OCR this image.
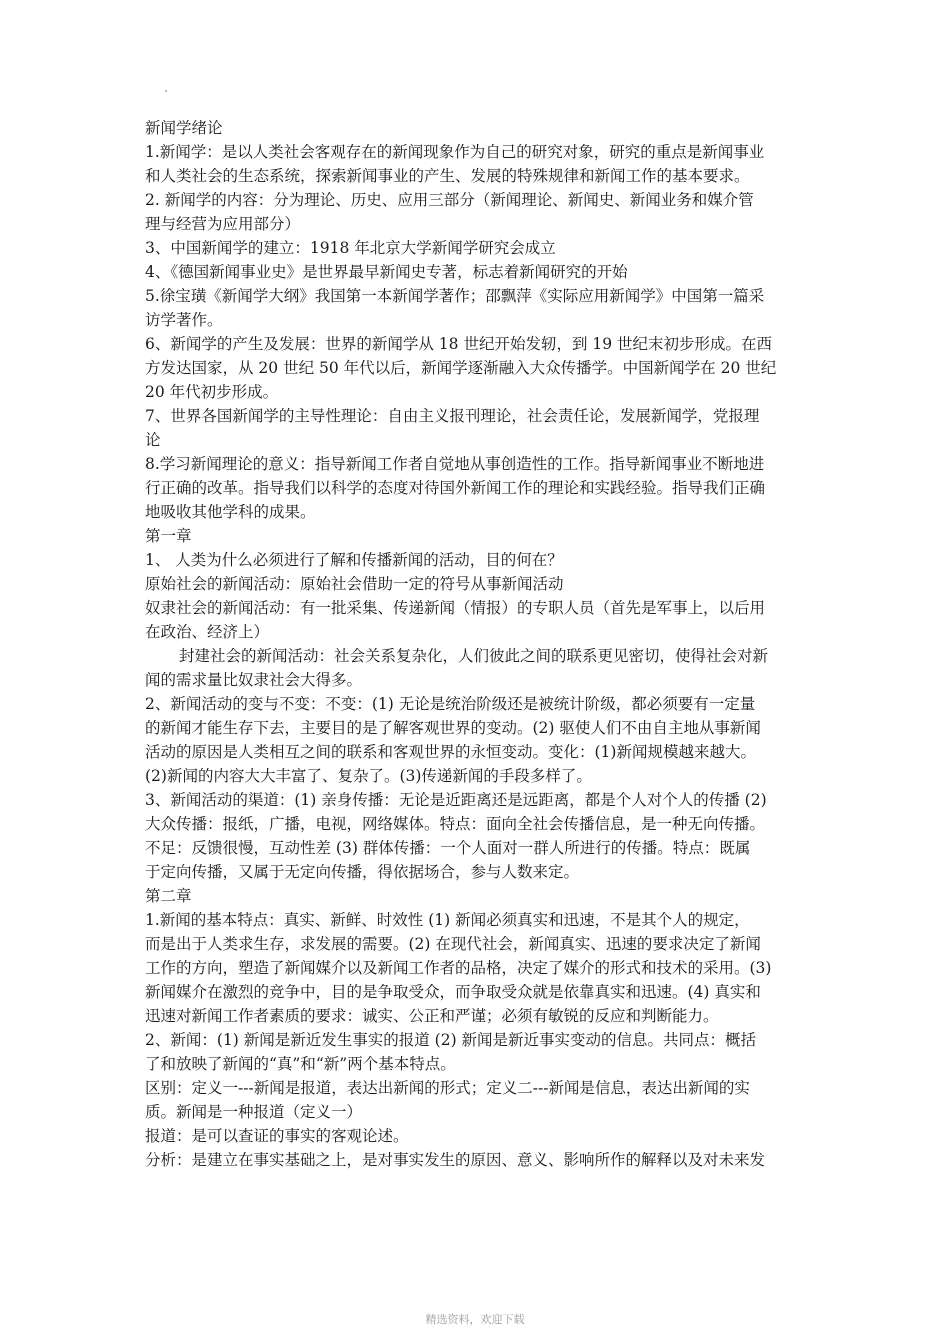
新闻学绪论
1.新闻学：是以人类社会客观存在的新闻现象作为自己的研究对象，研究的重点是新闻事业
和人类社会的生态系统，探索新闻事业的产生、发展的特殊规律和新闻工作的基本要求。
2. 新闻学的内容：分为理论、历史、应用三部分（新闻理论、新闻史、新闻业务和媒介管
理与经营为应用部分）
3、中国新闻学的建立：1918 年北京大学新闻学研究会成立
4、《德国新闻事业史》是世界最早新闻史专著，标志着新闻研究的开始
5.徐宝璜《新闻学大纲》我国第一本新闻学著作；邵飘萍《实际应用新闻学》中国第一篇采
访学著作。
6、新闻学的产生及发展：世界的新闻学从 18 世纪开始发轫，到 19 世纪末初步形成。在西
方发达国家，从 20 世纪 50 年代以后，新闻学逐渐融入大众传播学。中国新闻学在 20 世纪
20 年代初步形成。
7、世界各国新闻学的主导性理论：自由主义报刊理论，社会责任论，发展新闻学，党报理
论
8.学习新闻理论的意义：指导新闻工作者自觉地从事创造性的工作。指导新闻事业不断地进
行正确的改革。指导我们以科学的态度对待国外新闻工作的理论和实践经验。指导我们正确
地吸收其他学科的成果。
第一章
1、 人类为什么必须进行了解和传播新闻的活动，目的何在？
原始社会的新闻活动：原始社会借助一定的符号从事新闻活动
奴隶社会的新闻活动：有一批采集、传递新闻（情报）的专职人员（首先是军事上，以后用
在政治、经济上）
封建社会的新闻活动：社会关系复杂化，人们彼此之间的联系更见密切，使得社会对新
闻的需求量比奴隶社会大得多。
2、新闻活动的变与不变：不变：(1) 无论是统治阶级还是被统计阶级，都必须要有一定量
的新闻才能生存下去，主要目的是了解客观世界的变动。(2) 驱使人们不由自主地从事新闻
活动的原因是人类相互之间的联系和客观世界的永恒变动。变化：(1)新闻规模越来越大。
(2)新闻的内容大大丰富了、复杂了。(3)传递新闻的手段多样了。
3、新闻活动的渠道：(1) 亲身传播：无论是近距离还是远距离，都是个人对个人的传播 (2)
大众传播：报纸，广播，电视，网络媒体。特点：面向全社会传播信息，是一种无向传播。
不足：反馈很慢，互动性差 (3) 群体传播：一个人面对一群人所进行的传播。特点：既属
于定向传播，又属于无定向传播，得依据场合，参与人数来定。
第二章
1.新闻的基本特点：真实、新鲜、时效性 (1) 新闻必须真实和迅速，不是其个人的规定，
而是出于人类求生存，求发展的需要。(2) 在现代社会，新闻真实、迅速的要求决定了新闻
工作的方向，塑造了新闻媒介以及新闻工作者的品格，决定了媒介的形式和技术的采用。(3)
新闻媒介在激烈的竞争中，目的是争取受众，而争取受众就是依靠真实和迅速。(4) 真实和
迅速对新闻工作者素质的要求：诚实、公正和严谨；必须有敏锐的反应和判断能力。
2、新闻：(1) 新闻是新近发生事实的报道 (2) 新闻是新近事实变动的信息。共同点：概括
了和放映了新闻的“真”和“新”两个基本特点。
区别：定义一---新闻是报道，表达出新闻的形式；定义二---新闻是信息，表达出新闻的实
质。新闻是一种报道（定义一）
报道：是可以查证的事实的客观论述。
分析：是建立在事实基础之上，是对事实发生的原因、意义、影响所作的解释以及对未来发
精选资料，欢迎下载
